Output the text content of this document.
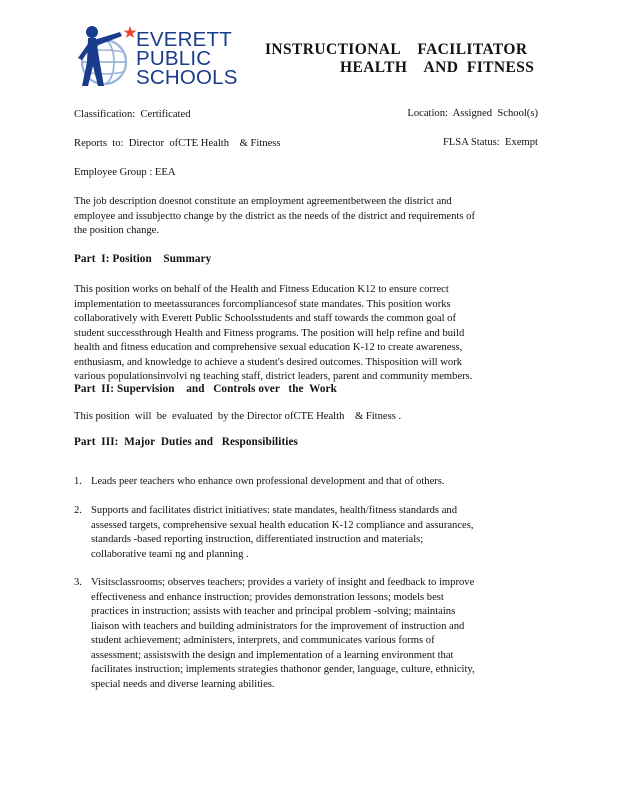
EVERETT
PUBLIC
SCHOOLS
INSTRUCTIONAL    FACILITATOR
HEALTH    AND  FITNESS
Classification:  Certificated	Location:  Assigned  School(s)
Reports  to:  Director  ofCTE Health    & Fitness	FLSA Status:  Exempt
Employee Group : EEA
The job description doesnot constitute an employment agreementbetween the district and
employee and issubjectto change by the district as the needs of the district and requirements of
the position change.
Part  I: Position    Summary
This position works on behalf of the Health and Fitness Education K12 to ensure correct
implementation to meetassurances forcompliancesof state mandates. This position works
collaboratively with Everett Public Schoolsstudents and staff towards the common goal of
student successthrough Health and Fitness programs. The position will help refine and build
health and fitness education and comprehensive sexual education K-12 to create awareness,
enthusiasm, and knowledge to achieve a student's desired outcomes. Thisposition will work
various populationsinvolvi ng teaching staff, district leaders, parent and community members.
Part  II: Supervision    and   Controls over   the  Work
This position  will  be  evaluated  by the Director ofCTE Health    & Fitness .
Part  III:  Major  Duties and   Responsibilities
1. Leads peer teachers who enhance own professional development and that of others.
2. Supports and facilitates district initiatives: state mandates, health/fitness standards and
assessed targets, comprehensive sexual health education K-12 compliance and assurances,
standards -based reporting instruction, differentiated instruction and materials;
collaborative teami ng and planning .
3. Visitsclassrooms; observes teachers; provides a variety of insight and feedback to improve
effectiveness and enhance instruction; provides demonstration lessons; models best
practices in instruction; assists with teacher and principal problem -solving; maintains
liaison with teachers and building administrators for the improvement of instruction and
student achievement; administers, interprets, and communicates various forms of
assessment; assistswith the design and implementation of a learning environment that
facilitates instruction; implements strategies thathonor gender, language, culture, ethnicity,
special needs and diverse learning abilities.
